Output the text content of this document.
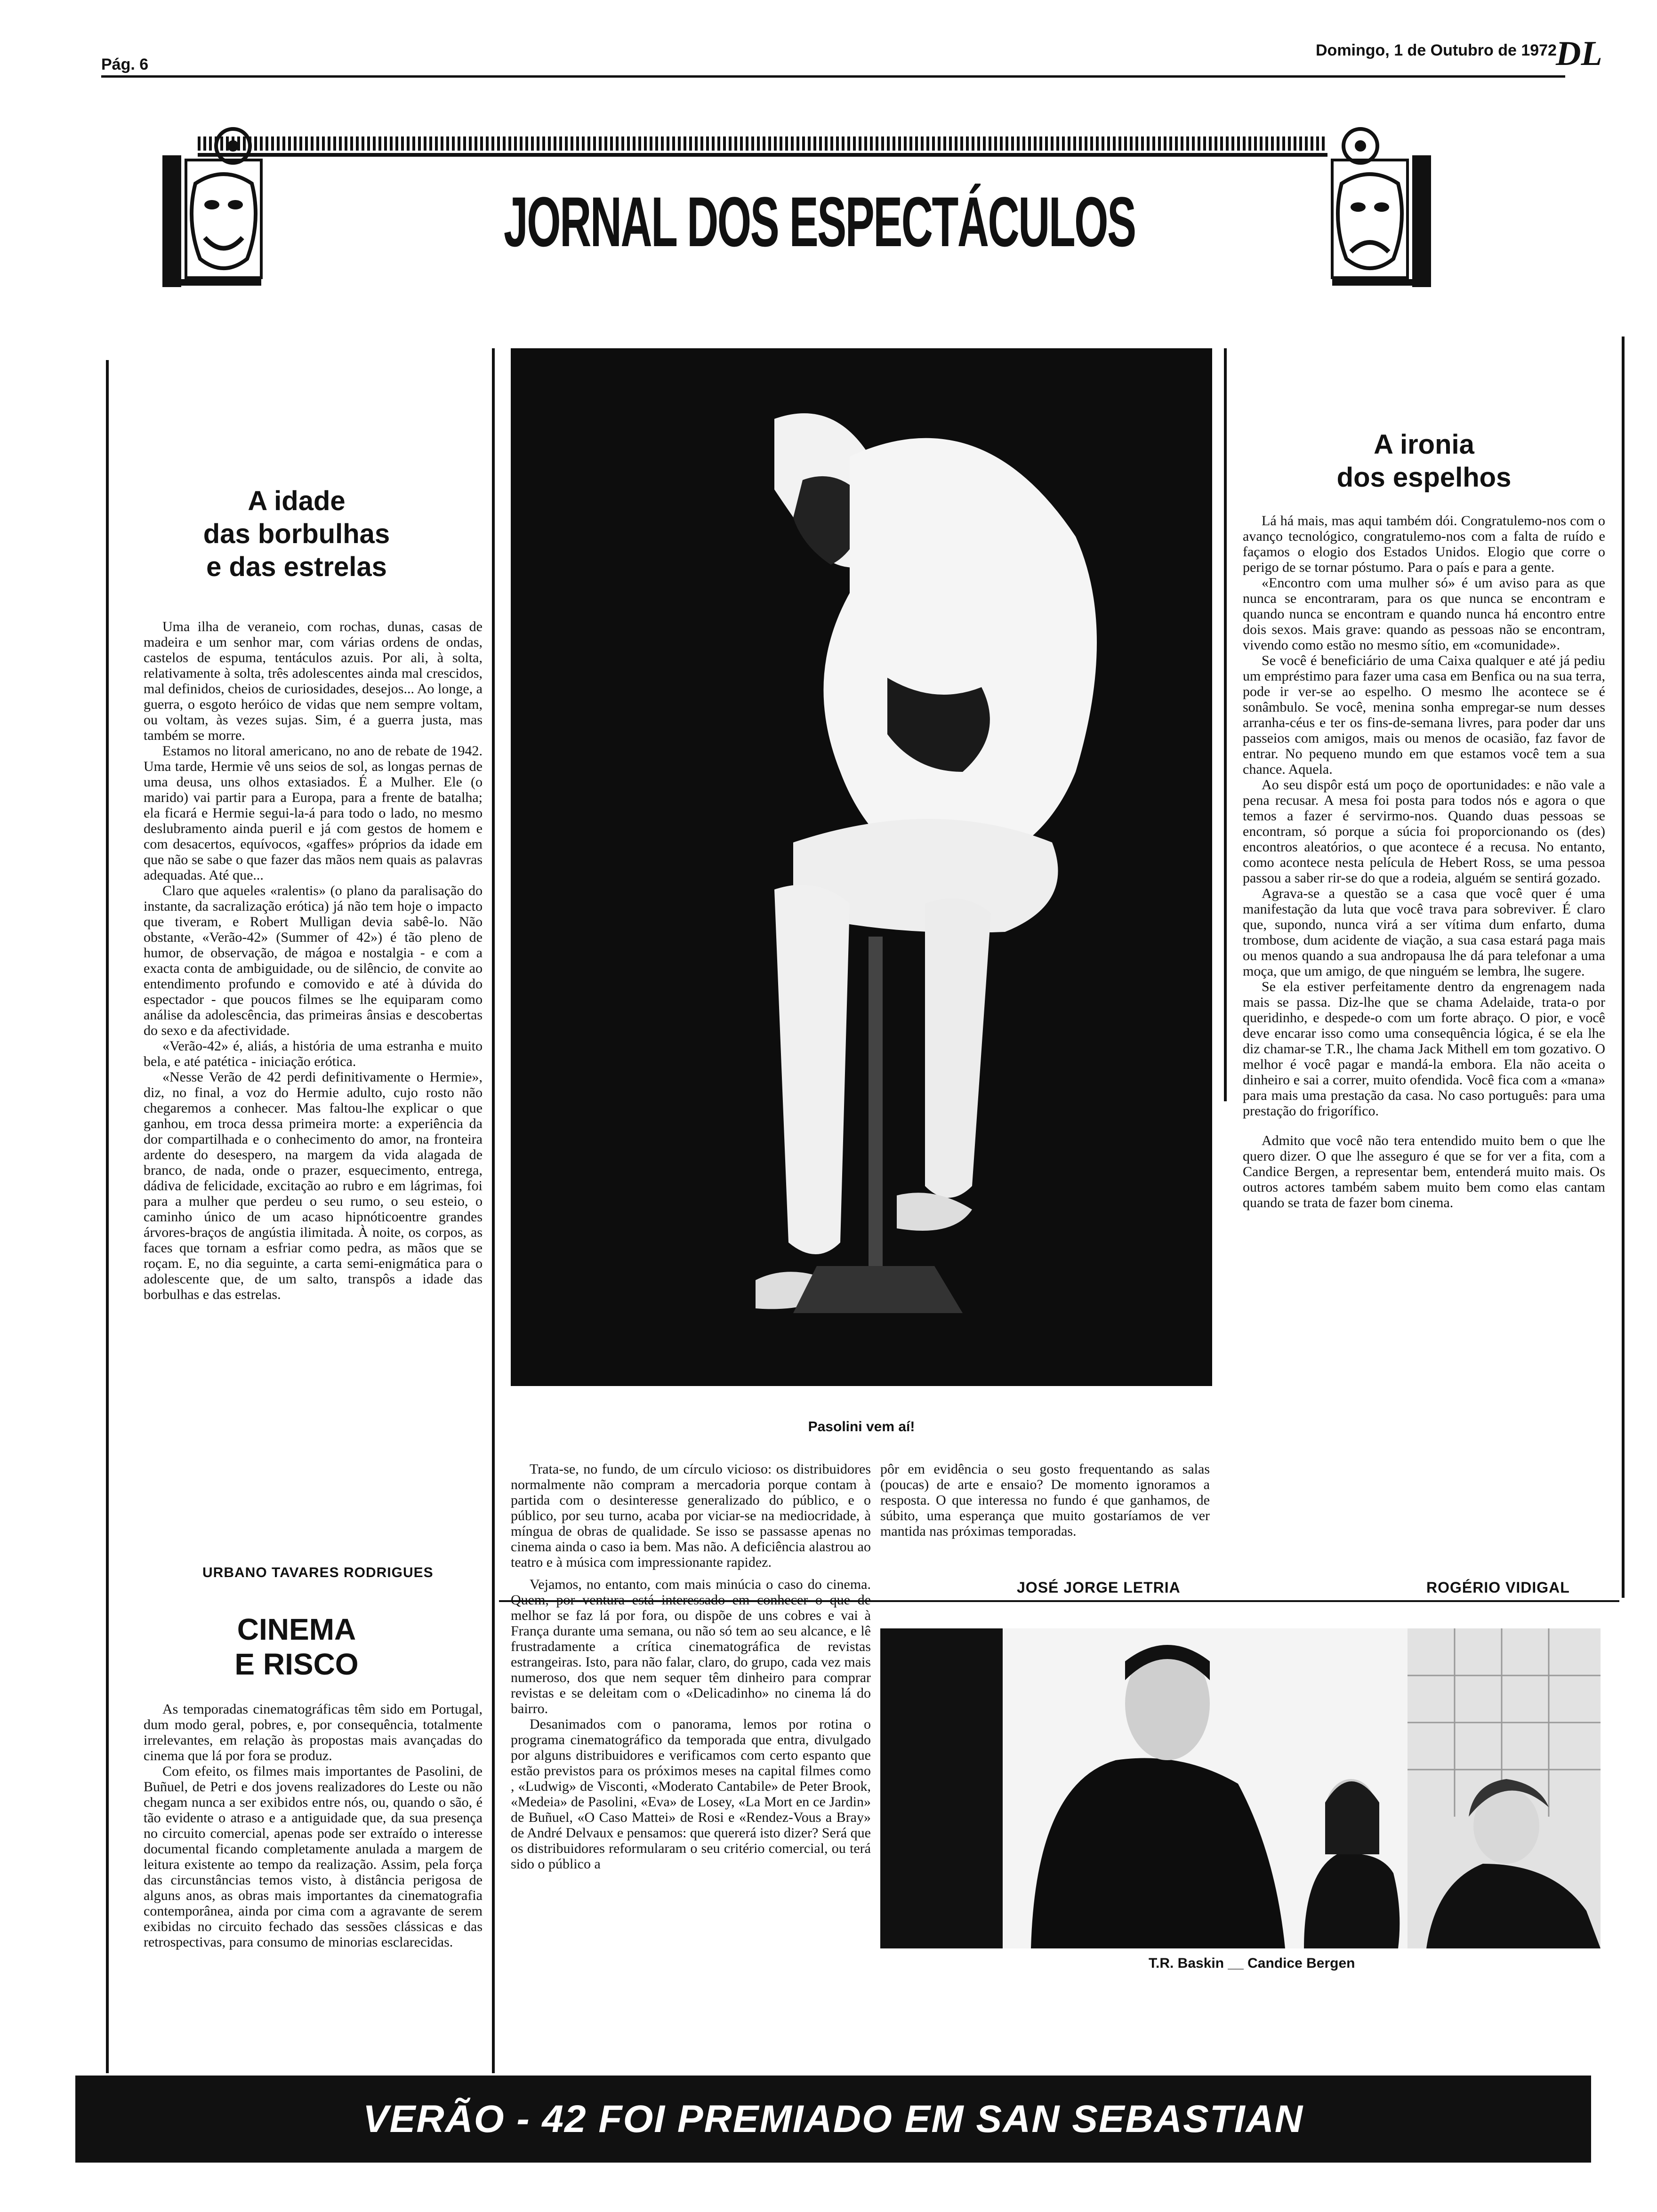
Pág. 6
Domingo, 1 de Outubro de 1972
DL
JORNAL DOS ESPECTÁCULOS
A idade
das borbulhas
e das estrelas

Uma ilha de veraneio, com rochas, dunas, casas de madeira e um senhor mar, com várias ordens de ondas, castelos de espuma, tentáculos azuis. Por ali, à solta, relativamente à solta, três adolescentes ainda mal crescidos, mal definidos, cheios de curiosidades, desejos... Ao longe, a guerra, o esgoto heróico de vidas que nem sempre voltam, ou voltam, às vezes sujas. Sim, é a guerra justa, mas também se morre.

Estamos no litoral americano, no ano de rebate de 1942. Uma tarde, Hermie vê uns seios de sol, as longas pernas de uma deusa, uns olhos extasiados. É a Mulher. Ele (o marido) vai partir para a Europa, para a frente de batalha; ela ficará e Hermie segui-la-á para todo o lado, no mesmo deslubramento ainda pueril e já com gestos de homem e com desacertos, equívocos, «gaffes» próprios da idade em que não se sabe o que fazer das mãos nem quais as palavras adequadas. Até que...

Claro que aqueles «ralentis» (o plano da paralisação do instante, da sacralização erótica) já não tem hoje o impacto que tiveram, e Robert Mulligan devia sabê-lo. Não obstante, «Verão-42» (Summer of 42») é tão pleno de humor, de observação, de mágoa e nostalgia - e com a exacta conta de ambiguidade, ou de silêncio, de convite ao entendimento profundo e comovido e até à dúvida do espectador - que poucos filmes se lhe equiparam como análise da adolescência, das primeiras ânsias e descobertas do sexo e da afectividade.

«Verão-42» é, aliás, a história de uma estranha e muito bela, e até patética - iniciação erótica.

«Nesse Verão de 42 perdi definitivamente o Hermie», diz, no final, a voz do Hermie adulto, cujo rosto não chegaremos a conhecer. Mas faltou-lhe explicar o que ganhou, em troca dessa primeira morte: a experiência da dor compartilhada e o conhecimento do amor, na fronteira ardente do desespero, na margem da vida alagada de branco, de nada, onde o prazer, esquecimento, entrega, dádiva de felicidade, excitação ao rubro e em lágrimas, foi para a mulher que perdeu o seu rumo, o seu esteio, o caminho único de um acaso hipnóticoentre grandes árvores-braços de angústia ilimitada. À noite, os corpos, as faces que tornam a esfriar como pedra, as mãos que se roçam. E, no dia seguinte, a carta semi-enigmática para o adolescente que, de um salto, transpôs a idade das borbulhas e das estrelas.

URBANO TAVARES RODRIGUES
CINEMA
E RISCO

As temporadas cinematográficas têm sido em Portugal, dum modo geral, pobres, e, por consequência, totalmente irrelevantes, em relação às propostas mais avançadas do cinema que lá por fora se produz.

Com efeito, os filmes mais importantes de Pasolini, de Buñuel, de Petri e dos jovens realizadores do Leste ou não chegam nunca a ser exibidos entre nós, ou, quando o são, é tão evidente o atraso e a antiguidade que, da sua presença no circuito comercial, apenas pode ser extraído o interesse documental ficando completamente anulada a margem de leitura existente ao tempo da realização. Assim, pela força das circunstâncias temos visto, à distância perigosa de alguns anos, as obras mais importantes da cinematografia contemporânea, ainda por cima com a agravante de serem exibidas no circuito fechado das sessões clássicas e das retrospectivas, para consumo de minorias esclarecidas.

Trata-se, no fundo, de um círculo vicioso: os distribuidores normalmente não compram a mercadoria porque contam à partida com o desinteresse generalizado do público, e o público, por seu turno, acaba por viciar-se na mediocridade, à míngua de obras de qualidade. Se isso se passasse apenas no cinema ainda o caso ia bem. Mas não. A deficiência alastrou ao teatro e à música com impressionante rapidez.

Vejamos, no entanto, com mais minúcia o caso do cinema. Quem, por ventura está interessado em conhecer o que de melhor se faz lá por fora, ou dispõe de uns cobres e vai à França durante uma semana, ou não só tem ao seu alcance, e lê frustradamente a crítica cinematográfica de revistas estrangeiras. Isto, para não falar, claro, do grupo, cada vez mais numeroso, dos que nem sequer têm dinheiro para comprar revistas e se deleitam com o «Delicadinho» no cinema lá do bairro.

Desanimados com o panorama, lemos por rotina o programa cinematográfico da temporada que entra, divulgado por alguns distribuidores e verificamos com certo espanto que estão previstos para os próximos meses na capital filmes como , «Ludwig» de Visconti, «Moderato Cantabile» de Peter Brook, «Medeia» de Pasolini, «Eva» de Losey, «La Mort en ce Jardin» de Buñuel, «O Caso Mattei» de Rosi e «Rendez-Vous a Bray» de André Delvaux e pensamos: que quererá isto dizer? Será que os distribuidores reformularam o seu critério comercial, ou terá sido o público a

pôr em evidência o seu gosto frequentando as salas (poucas) de arte e ensaio? De momento ignoramos a resposta. O que interessa no fundo é que ganhamos, de súbito, uma esperança que muito gostaríamos de ver mantida nas próximas temporadas.

JOSÉ JORGE LETRIA
Pasolini vem aí!
A ironia
dos espelhos

Lá há mais, mas aqui também dói. Congratulemo-nos com o avanço tecnológico, congratulemo-nos com a falta de ruído e façamos o elogio dos Estados Unidos. Elogio que corre o perigo de se tornar póstumo. Para o país e para a gente.

«Encontro com uma mulher só» é um aviso para as que nunca se encontraram, para os que nunca se encontram e quando nunca se encontram e quando nunca há encontro entre dois sexos. Mais grave: quando as pessoas não se encontram, vivendo como estão no mesmo sítio, em «comunidade».

Se você é beneficiário de uma Caixa qualquer e até já pediu um empréstimo para fazer uma casa em Benfica ou na sua terra, pode ir ver-se ao espelho. O mesmo lhe acontece se é sonâmbulo. Se você, menina sonha empregar-se num desses arranha-céus e ter os fins-de-semana livres, para poder dar uns passeios com amigos, mais ou menos de ocasião, faz favor de entrar. No pequeno mundo em que estamos você tem a sua chance. Aquela.

Ao seu dispôr está um poço de oportunidades: e não vale a pena recusar. A mesa foi posta para todos nós e agora o que temos a fazer é servirmo-nos. Quando duas pessoas se encontram, só porque a súcia foi proporcionando os (des) encontros aleatórios, o que acontece é a recusa. No entanto, como acontece nesta película de Hebert Ross, se uma pessoa passou a saber rir-se do que a rodeia, alguém se sentirá gozado.

Agrava-se a questão se a casa que você quer é uma manifestação da luta que você trava para sobreviver. É claro que, supondo, nunca virá a ser vítima dum enfarto, duma trombose, dum acidente de viação, a sua casa estará paga mais ou menos quando a sua andropausa lhe dá para telefonar a uma moça, que um amigo, de que ninguém se lembra, lhe sugere.

Se ela estiver perfeitamente dentro da engrenagem nada mais se passa. Diz-lhe que se chama Adelaide, trata-o por queridinho, e despede-o com um forte abraço. O pior, e você deve encarar isso como uma consequência lógica, é se ela lhe diz chamar-se T.R., lhe chama Jack Mithell em tom gozativo. O melhor é você pagar e mandá-la embora. Ela não aceita o dinheiro e sai a correr, muito ofendida. Você fica com a «mana» para mais uma prestação da casa. No caso português: para uma prestação do frigorífico.

Admito que você não tera entendido muito bem o que lhe quero dizer. O que lhe asseguro é que se for ver a fita, com a Candice Bergen, a representar bem, entenderá muito mais. Os outros actores também sabem muito bem como elas cantam quando se trata de fazer bom cinema.

ROGÉRIO VIDIGAL
T.R. Baskin __ Candice Bergen
VERÃO - 42 FOI PREMIADO EM SAN SEBASTIAN
